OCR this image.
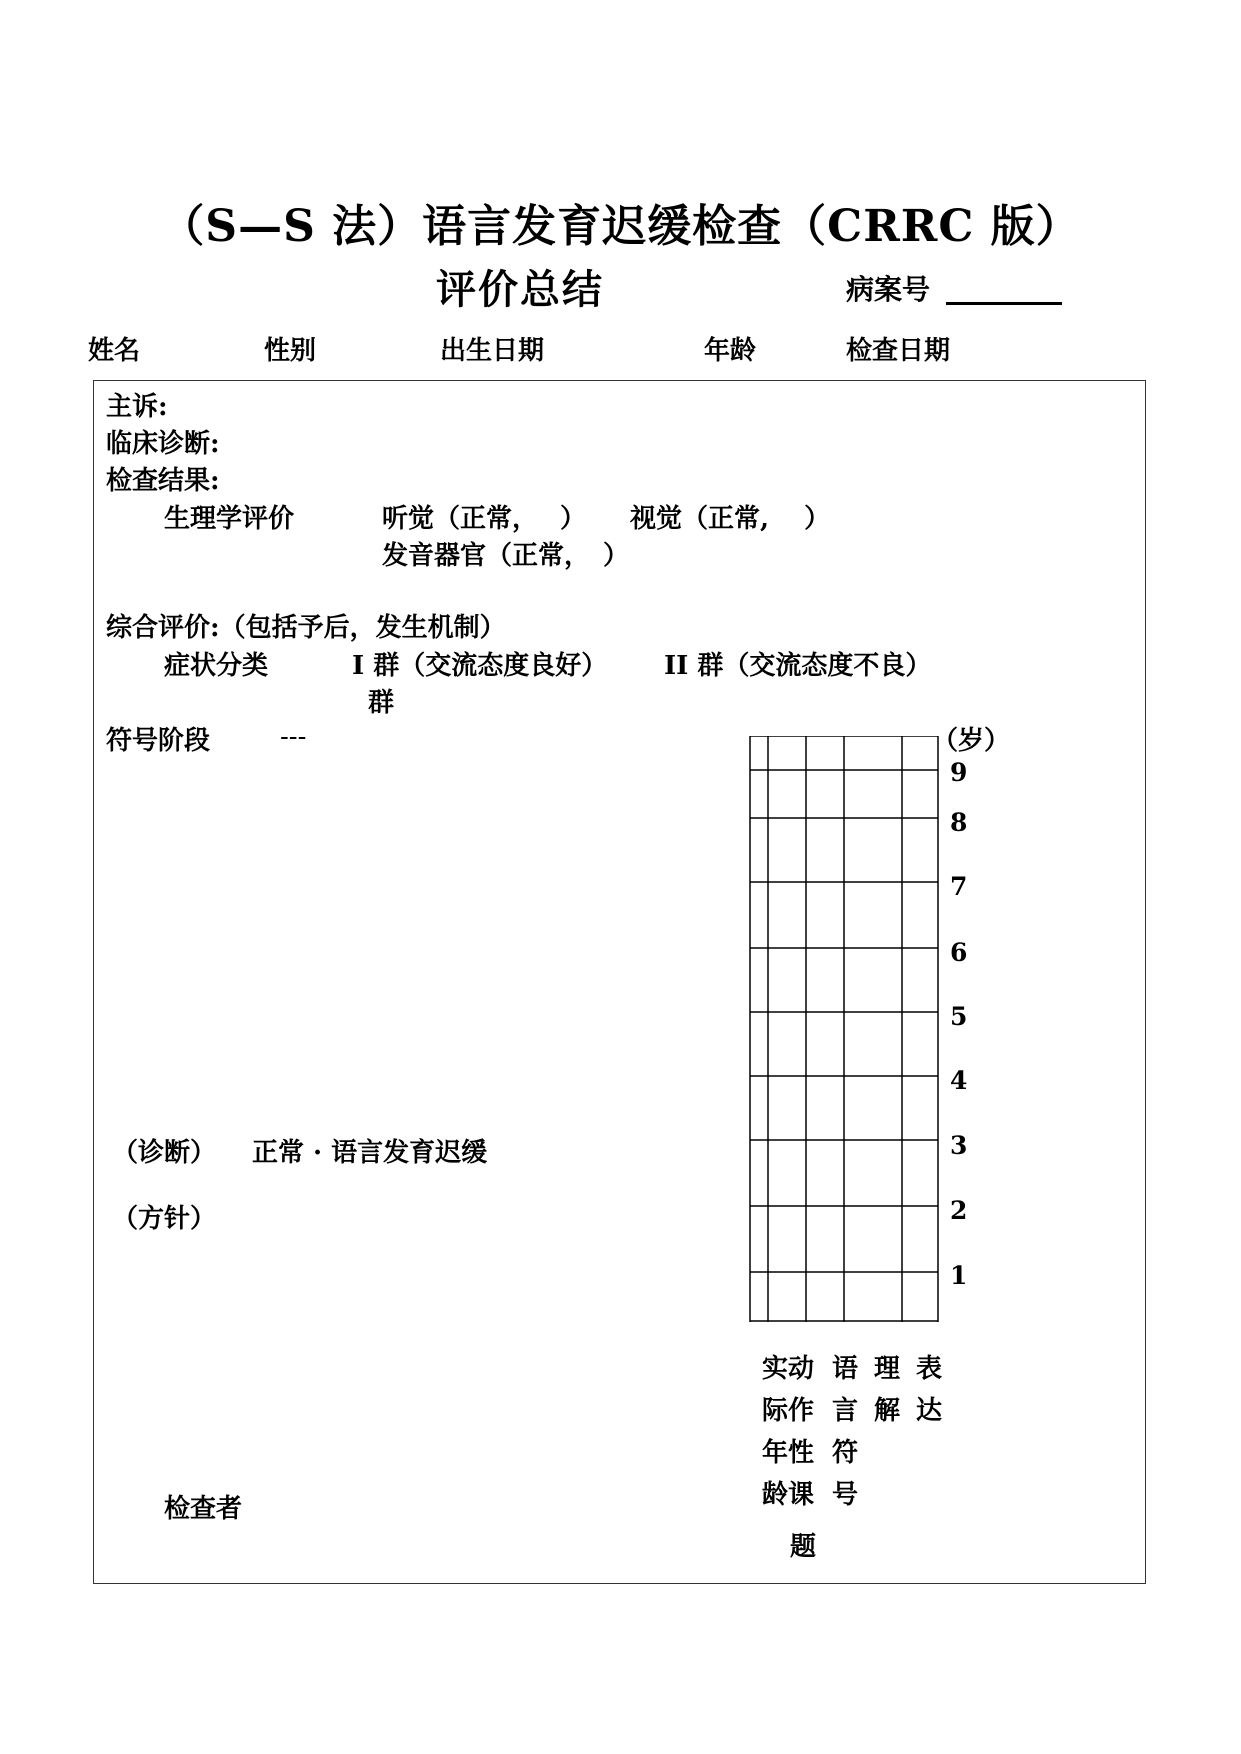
（S—S 法）语言发育迟缓检查（CRRC 版）
评价总结	病案号
姓名	性别	出生日期	年龄	检查日期
主诉:
临床诊断:
检查结果:
生理学评价	听觉（正常，　 ） 视觉（正常,　 ）
发音器官（正常，　）
综合评价:（包括予后，发生机制）
症状分类	I 群（交流态度良好） II 群（交流态度不良）
群
符号阶段	---
（诊断） 正常 · 语言发育迟缓
（方针）
检查者
（岁）
9
8
7
6
5
4
3
2
1
实
动 语 理 表
际
作 言 解 达
年
性 符
龄
课 号
题
